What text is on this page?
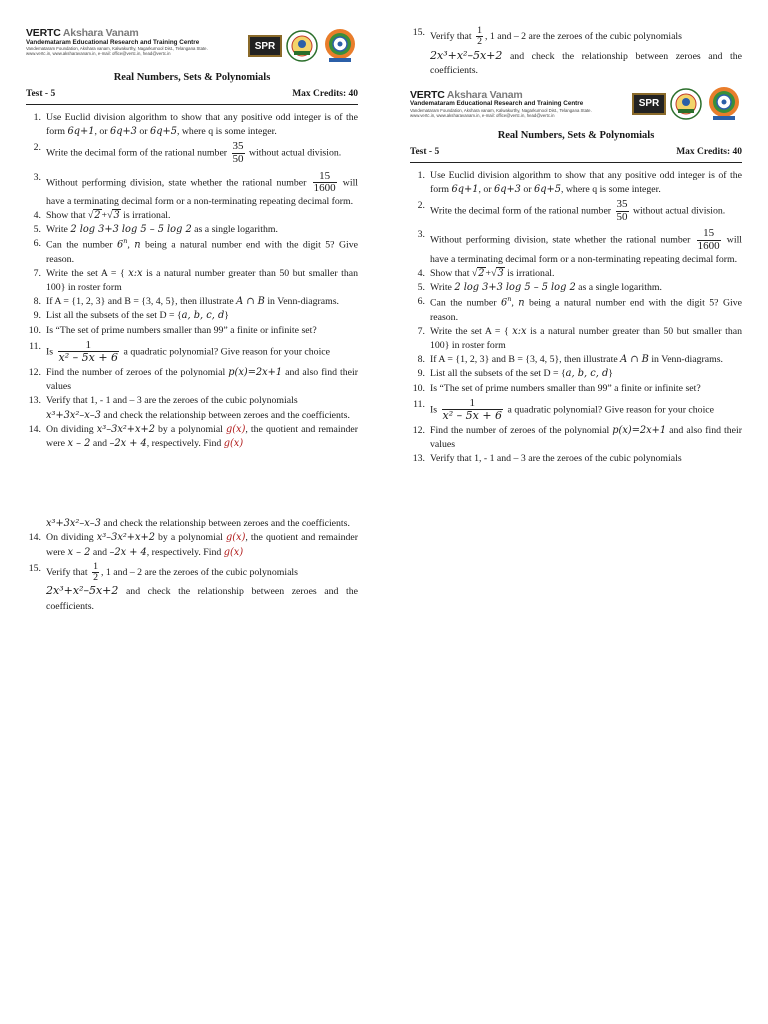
VERTC Akshara Vanam
Vandemataram Educational Research and Training Centre
Vandemataram Foundation, Akshara vanam, Kalwakurthy, Nagarkurnool Dist., Telangana State.
www.vertc.in, www.aksharavanam.in, e-mail: office@vertc.in, head@vertc.in
SPR
Real Numbers, Sets & Polynomials
Test - 5	Max Credits: 40
1. Use Euclid division algorithm to show that any positive odd integer is of the form 6q+1, or 6q+3 or 6q+5, where q is some integer.
2. Write the decimal form of the rational number $\frac{35}{50}$ without actual division.
3. Without performing division, state whether the rational number $\frac{15}{1600}$ will have a terminating decimal form or a non-terminating repeating decimal form.
4. Show that √2+√3 is irrational.
5. Write 2 log 3+3 log 5 – 5 log 2 as a single logarithm.
6. Can the number 6$^n$, n being a natural number end with the digit 5? Give reason.
7. Write the set A = { x:x is a natural number greater than 50 but smaller than 100} in roster form
8. If A = {1, 2, 3} and B = {3, 4, 5}, then illustrate A ∩ B in Venn-diagrams.
9. List all the subsets of the set D = {a, b, c, d}
10. Is “The set of prime numbers smaller than 99” a finite or infinite set?
11. Is $\frac{1}{\text{x² – 5x + 6}}$ a quadratic polynomial? Give reason for your choice
12. Find the number of zeroes of the polynomial p(x)=2x+1 and also find their values
13. Verify that 1, - 1 and – 3 are the zeroes of the cubic polynomials
x³+3x²–x–3 and check the relationship between zeroes and the coefficients.
14. On dividing x³–3x²+x+2 by a polynomial g(x), the quotient and remainder were x – 2 and –2x + 4, respectively. Find g(x)
x³+3x²–x–3 and check the relationship between zeroes and the coefficients.
14. On dividing x³–3x²+x+2 by a polynomial g(x), the quotient and remainder were x – 2 and –2x + 4, respectively. Find g(x)
15. Verify that $\frac{1}{2}$ , 1 and – 2 are the zeroes of the cubic polynomials
2x³+x²–5x+2 and check the relationship between zeroes and the coefficients.
15. Verify that $\frac{1}{2}$ , 1 and – 2 are the zeroes of the cubic polynomials
2x³+x²–5x+2 and check the relationship between zeroes and the coefficients.
VERTC Akshara Vanam
Vandemataram Educational Research and Training Centre
Vandemataram Foundation, Akshara vanam, Kalwakurthy, Nagarkurnool Dist., Telangana State.
www.vertc.in, www.aksharavanam.in, e-mail: office@vertc.in, head@vertc.in
SPR
Real Numbers, Sets & Polynomials
Test - 5	Max Credits: 40
1. Use Euclid division algorithm to show that any positive odd integer is of the form 6q+1, or 6q+3 or 6q+5, where q is some integer.
2. Write the decimal form of the rational number $\frac{35}{50}$ without actual division.
3. Without performing division, state whether the rational number $\frac{15}{1600}$ will have a terminating decimal form or a non-terminating repeating decimal form.
4. Show that √2+√3 is irrational.
5. Write 2 log 3+3 log 5 – 5 log 2 as a single logarithm.
6. Can the number 6$^n$, n being a natural number end with the digit 5? Give reason.
7. Write the set A = { x:x is a natural number greater than 50 but smaller than 100} in roster form
8. If A = {1, 2, 3} and B = {3, 4, 5}, then illustrate A ∩ B in Venn-diagrams.
9. List all the subsets of the set D = {a, b, c, d}
10. Is “The set of prime numbers smaller than 99” a finite or infinite set?
11. Is $\frac{1}{\text{x² – 5x + 6}}$ a quadratic polynomial? Give reason for your choice
12. Find the number of zeroes of the polynomial p(x)=2x+1 and also find their values
13. Verify that 1, - 1 and – 3 are the zeroes of the cubic polynomials
